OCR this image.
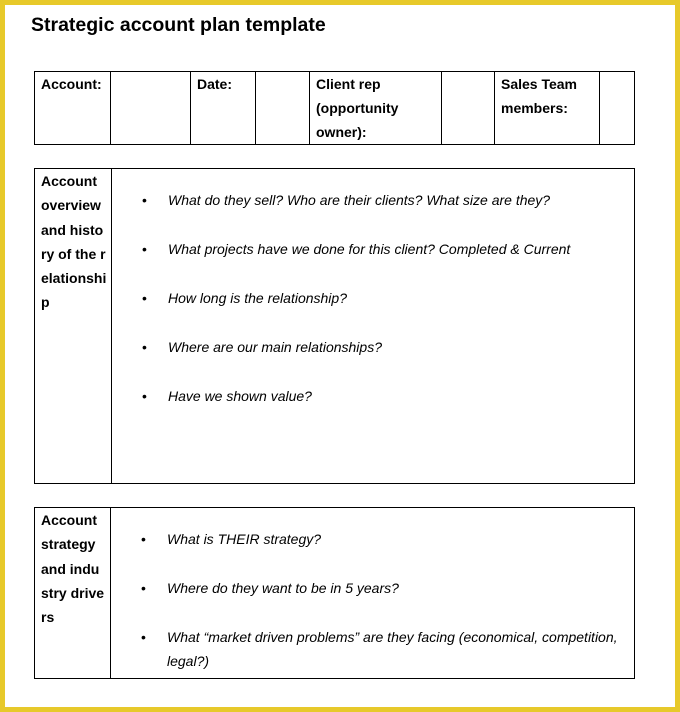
Strategic account plan template
Account:		Date:		Client rep (opportunity owner):		Sales Team members:	
Account overview and history of the relationship	
• What do they sell? Who are their clients? What size are they?
• What projects have we done for this client? Completed & Current
• How long is the relationship?
• Where are our main relationships?
• Have we shown value?
Account strategy and industry drivers	
• What is THEIR strategy?
• Where do they want to be in 5 years?
• What “market driven problems” are they facing (economical, competition, legal?)
